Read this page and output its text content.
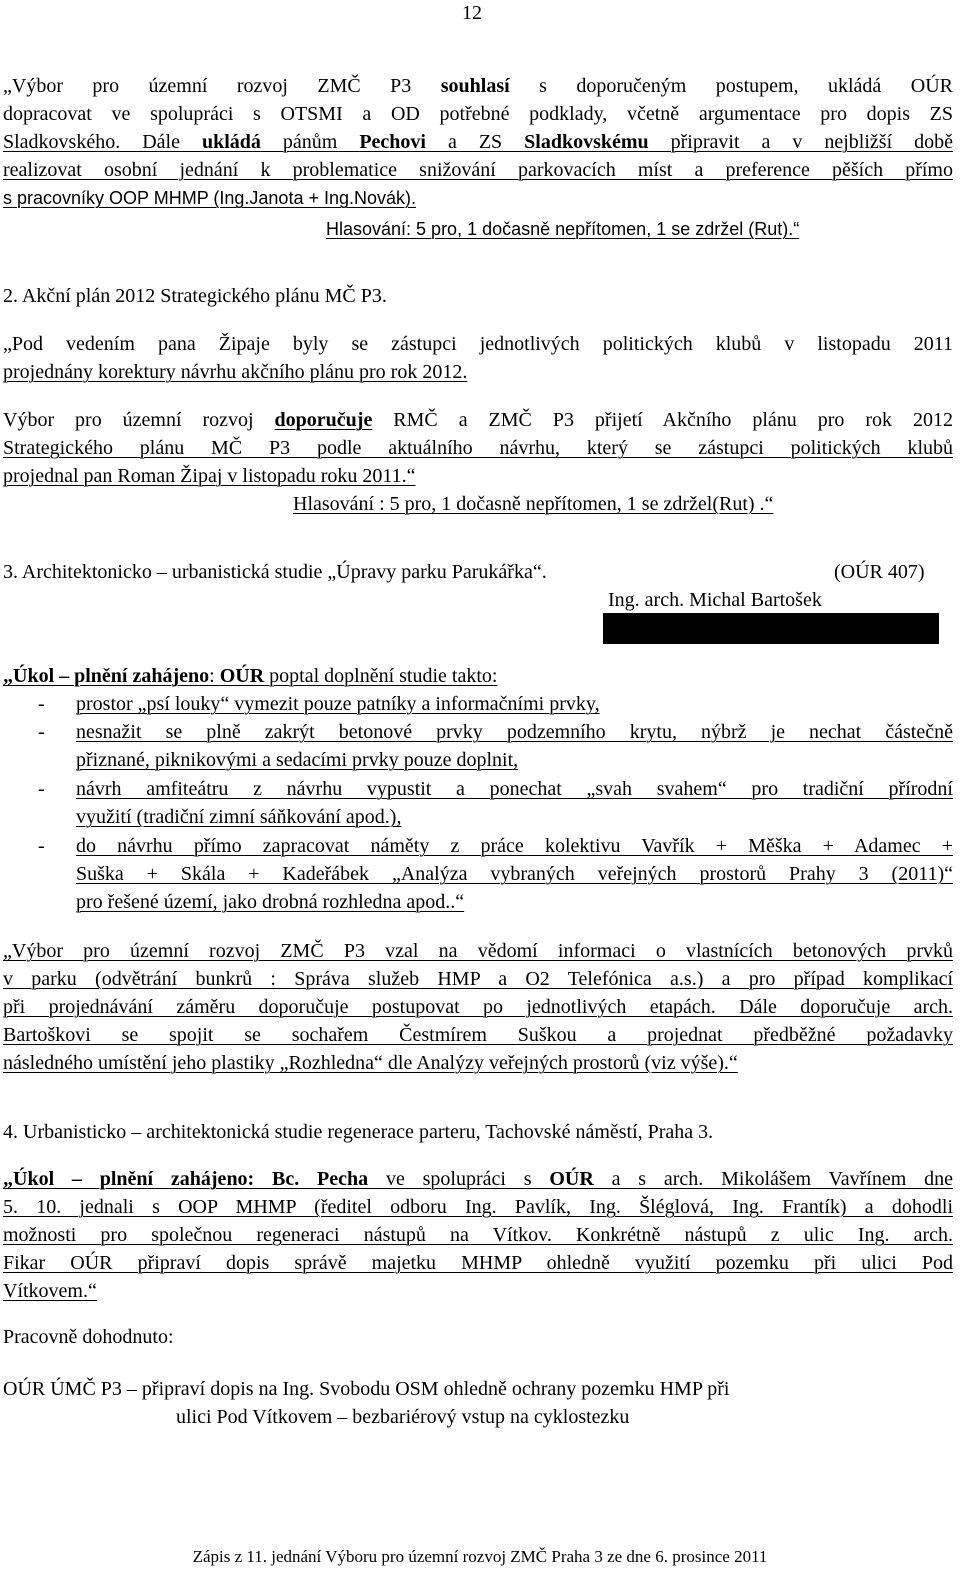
12
„Výbor pro územní rozvoj ZMČ P3 souhlasí s doporučeným postupem, ukládá OÚR
dopracovat ve spolupráci s OTSMI a OD potřebné podklady, včetně argumentace pro dopis ZS
Sladkovského. Dále ukládá pánům Pechovi a ZS Sladkovskému připravit a v nejbližší době
realizovat osobní jednání k problematice snižování parkovacích míst a preference pěších přímo
s pracovníky OOP MHMP (Ing.Janota + Ing.Novák).
Hlasování: 5 pro, 1 dočasně nepřítomen, 1 se zdržel (Rut).“
2. Akční plán 2012 Strategického plánu MČ P3.
„Pod vedením pana Žipaje byly se zástupci jednotlivých politických klubů v listopadu 2011
projednány korektury návrhu akčního plánu pro rok 2012.
Výbor pro územní rozvoj doporučuje RMČ a ZMČ P3 přijetí Akčního plánu pro rok 2012
Strategického plánu MČ P3 podle aktuálního návrhu, který se zástupci politických klubů
projednal pan Roman Žipaj v listopadu roku 2011.“
Hlasování : 5 pro, 1 dočasně nepřítomen, 1 se zdržel(Rut) .“
3. Architektonicko – urbanistická studie „Úpravy parku Parukářka“.	(OÚR 407)
Ing. arch. Michal Bartošek
„Úkol – plnění zahájeno: OÚR poptal doplnění studie takto:
- prostor „psí louky“ vymezit pouze patníky a informačními prvky,
- nesnažit se plně zakrýt betonové prvky podzemního krytu, nýbrž je nechat částečně
přiznané, piknikovými a sedacími prvky pouze doplnit,
- návrh amfiteátru z návrhu vypustit a ponechat „svah svahem“ pro tradiční přírodní
využití (tradiční zimní sáňkování apod.),
- do návrhu přímo zapracovat náměty z práce kolektivu Vavřík + Měška + Adamec +
Suška + Skála + Kadeřábek „Analýza vybraných veřejných prostorů Prahy 3 (2011)“
pro řešené území, jako drobná rozhledna apod..“
„Výbor pro územní rozvoj ZMČ P3 vzal na vědomí informaci o vlastnících betonových prvků
v parku (odvětrání bunkrů : Správa služeb HMP a O2 Telefónica a.s.) a pro případ komplikací
při projednávání záměru doporučuje postupovat po jednotlivých etapách. Dále doporučuje arch.
Bartoškovi se spojit se sochařem Čestmírem Suškou a projednat předběžné požadavky
následného umístění jeho plastiky „Rozhledna“ dle Analýzy veřejných prostorů (viz výše).“
4. Urbanisticko – architektonická studie regenerace parteru, Tachovské náměstí, Praha 3.
„Úkol – plnění zahájeno: Bc. Pecha ve spolupráci s OÚR a s arch. Mikolášem Vavřínem dne
5. 10. jednali s OOP MHMP (ředitel odboru Ing. Pavlík, Ing. Šléglová, Ing. Frantík) a dohodli
možnosti pro společnou regeneraci nástupů na Vítkov. Konkrétně nástupů z ulic Ing. arch.
Fikar OÚR připraví dopis správě majetku MHMP ohledně využití pozemku při ulici Pod
Vítkovem.“
Pracovně dohodnuto:
OÚR ÚMČ P3 – připraví dopis na Ing. Svobodu OSM ohledně ochrany pozemku HMP při
ulici Pod Vítkovem – bezbariérový vstup na cyklostezku
Zápis z 11. jednání Výboru pro územní rozvoj ZMČ Praha 3 ze dne 6. prosince 2011
